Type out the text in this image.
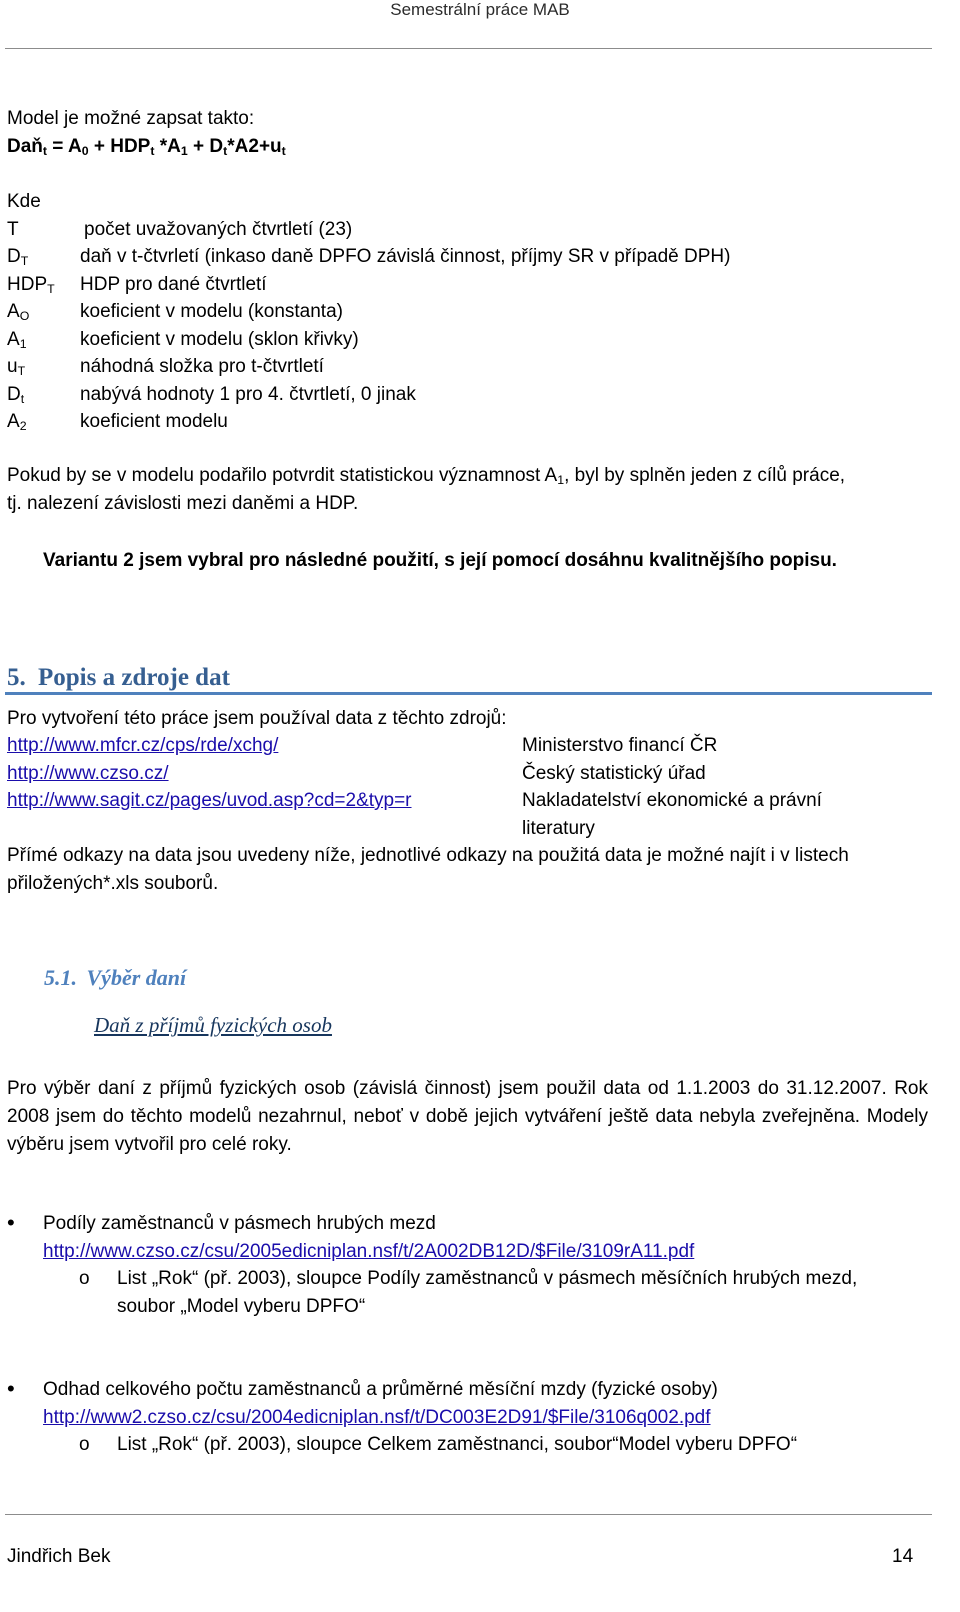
Semestrální práce MAB
Model je možné zapsat takto:
Daň$_t$ = $A_0 + HDP_t$ $*A_1 + D_t*A2+u_t$
Kde
T	počet uvažovaných čtvrtletí (23)
$D_T$	daň v t-čtvrletí (inkaso daně DPFO závislá činnost, příjmy SR v případě DPH)
$HDP_T$ HDP pro dané čtvrtletí
$A_O$	koeficient v modelu (konstanta)
$A_1$	koeficient v modelu (sklon křivky)
$u_T$	náhodná složka pro t-čtvrtletí
$D_t$	nabývá hodnoty 1 pro 4. čtvrtletí, 0 jinak
$A_2$	koeficient modelu
Pokud by se v modelu podařilo potvrdit statistickou významnost $A_1$, byl by splněn jeden z cílů práce,
tj. nalezení závislosti mezi daněmi a HDP.
Variantu 2 jsem vybral pro následné použití, s její pomocí dosáhnu kvalitnějšího popisu.
5. Popis a zdroje dat
Pro vytvoření této práce jsem používal data z těchto zdrojů:
http://www.mfcr.cz/cps/rde/xchg/	Ministerstvo financí ČR
http://www.czso.cz/	Český statistický úřad
http://www.sagit.cz/pages/uvod.asp?cd=2&typ=r	Nakladatelství ekonomické a právní
literatury
Přímé odkazy na data jsou uvedeny níže, jednotlivé odkazy na použitá data je možné najít i v listech
přiložených*.xls souborů.
5.1. Výběr daní
Daň z příjmů fyzických osob
Pro výběr daní z příjmů fyzických osob (závislá činnost) jsem použil data od 1.1.2003 do 31.12.2007. Rok 2008 jsem do těchto modelů nezahrnul, neboť v době jejich vytváření ještě data nebyla zveřejněna. Modely výběru jsem vytvořil pro celé roky.
• Podíly zaměstnanců v pásmech hrubých mezd
http://www.czso.cz/csu/2005edicniplan.nsf/t/2A002DB12D/$File/3109rA11.pdf
o List „Rok“ (př. 2003), sloupce Podíly zaměstnanců v pásmech měsíčních hrubých mezd,
soubor „Model vyberu DPFO“
• Odhad celkového počtu zaměstnanců a průměrné měsíční mzdy (fyzické osoby)
http://www2.czso.cz/csu/2004edicniplan.nsf/t/DC003E2D91/$File/3106q002.pdf
o List „Rok“ (př. 2003), sloupce Celkem zaměstnanci, soubor“Model vyberu DPFO“
Jindřich Bek	14
